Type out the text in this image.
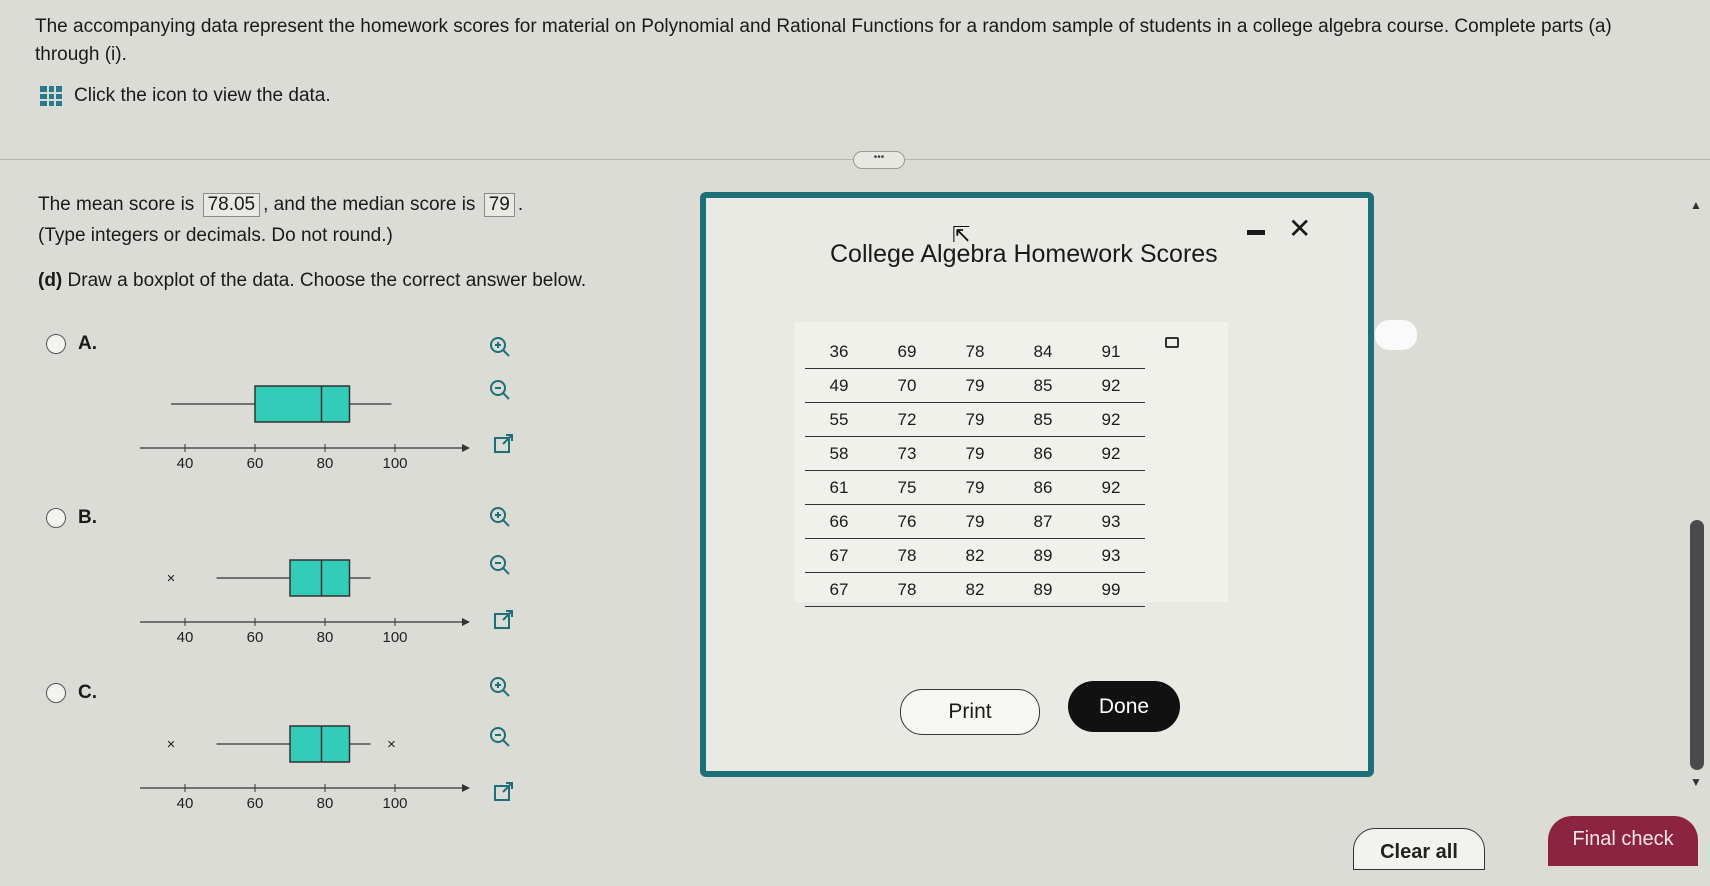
The accompanying data represent the homework scores for material on Polynomial and Rational Functions for a random sample of students in a college algebra course. Complete parts (a) through (i).
Click the icon to view the data.
•••
The mean score is 78.05 , and the median score is 79 .
(Type integers or decimals. Do not round.)
(d) Draw a boxplot of the data. Choose the correct answer below.
A.
40	60	80	100
B.
×
40	60	80	100
C.
×	×
40	60	80	100
College Algebra Homework Scores
✕
⇱
36	69	78	84	91
49	70	79	85	92
55	72	79	85	92
58	73	79	86	92
61	75	79	86	92
66	76	79	87	93
67	78	82	89	93
67	78	82	89	99
Print	Done
▲
▼
Clear all
Final check
